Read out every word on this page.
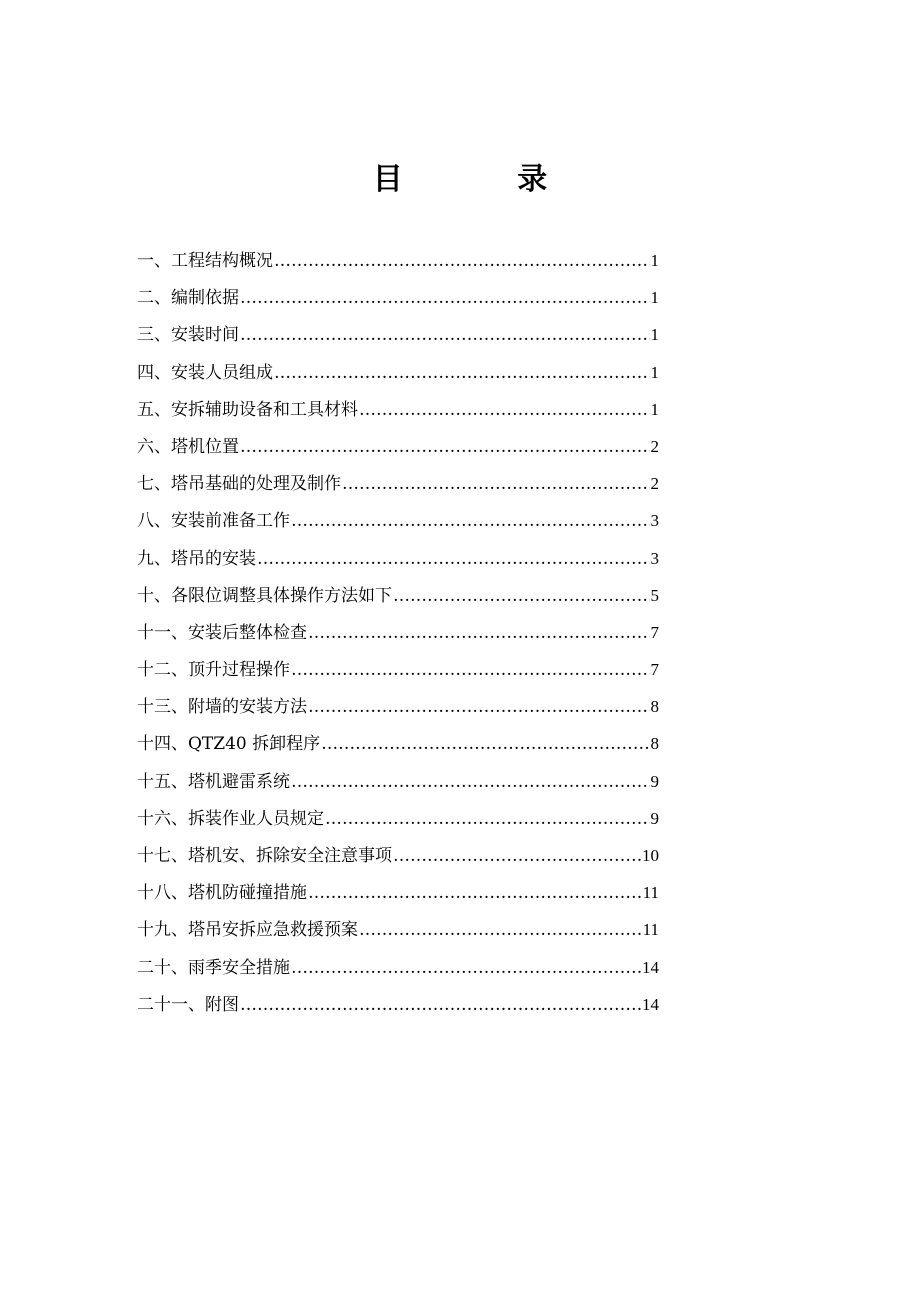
目 录
一、工程结构概况 ……………………………………………………………………………………………………………………………………	1
二、编制依据 ……………………………………………………………………………………………………………………………………	1
三、安装时间 ……………………………………………………………………………………………………………………………………	1
四、安装人员组成 ……………………………………………………………………………………………………………………………………	1
五、安拆辅助设备和工具材料 ……………………………………………………………………………………………………………………………………	1
六、塔机位置 ……………………………………………………………………………………………………………………………………	2
七、塔吊基础的处理及制作 ……………………………………………………………………………………………………………………………………	2
八、安装前准备工作 ……………………………………………………………………………………………………………………………………	3
九、塔吊的安装 ……………………………………………………………………………………………………………………………………	3
十、各限位调整具体操作方法如下 ……………………………………………………………………………………………………………………………………	5
十一、安装后整体检查 ……………………………………………………………………………………………………………………………………	7
十二、顶升过程操作 ……………………………………………………………………………………………………………………………………	7
十三、附墙的安装方法 ……………………………………………………………………………………………………………………………………	8
十四、QTZ40 拆卸程序 ……………………………………………………………………………………………………………………………………	8
十五、塔机避雷系统 ……………………………………………………………………………………………………………………………………	9
十六、拆装作业人员规定 ……………………………………………………………………………………………………………………………………	9
十七、塔机安、拆除安全注意事项 ……………………………………………………………………………………………………………………………………	10
十八、塔机防碰撞措施 ……………………………………………………………………………………………………………………………………	11
十九、塔吊安拆应急救援预案 ……………………………………………………………………………………………………………………………………	11
二十、雨季安全措施 ……………………………………………………………………………………………………………………………………	14
二十一、附图 ……………………………………………………………………………………………………………………………………	14
